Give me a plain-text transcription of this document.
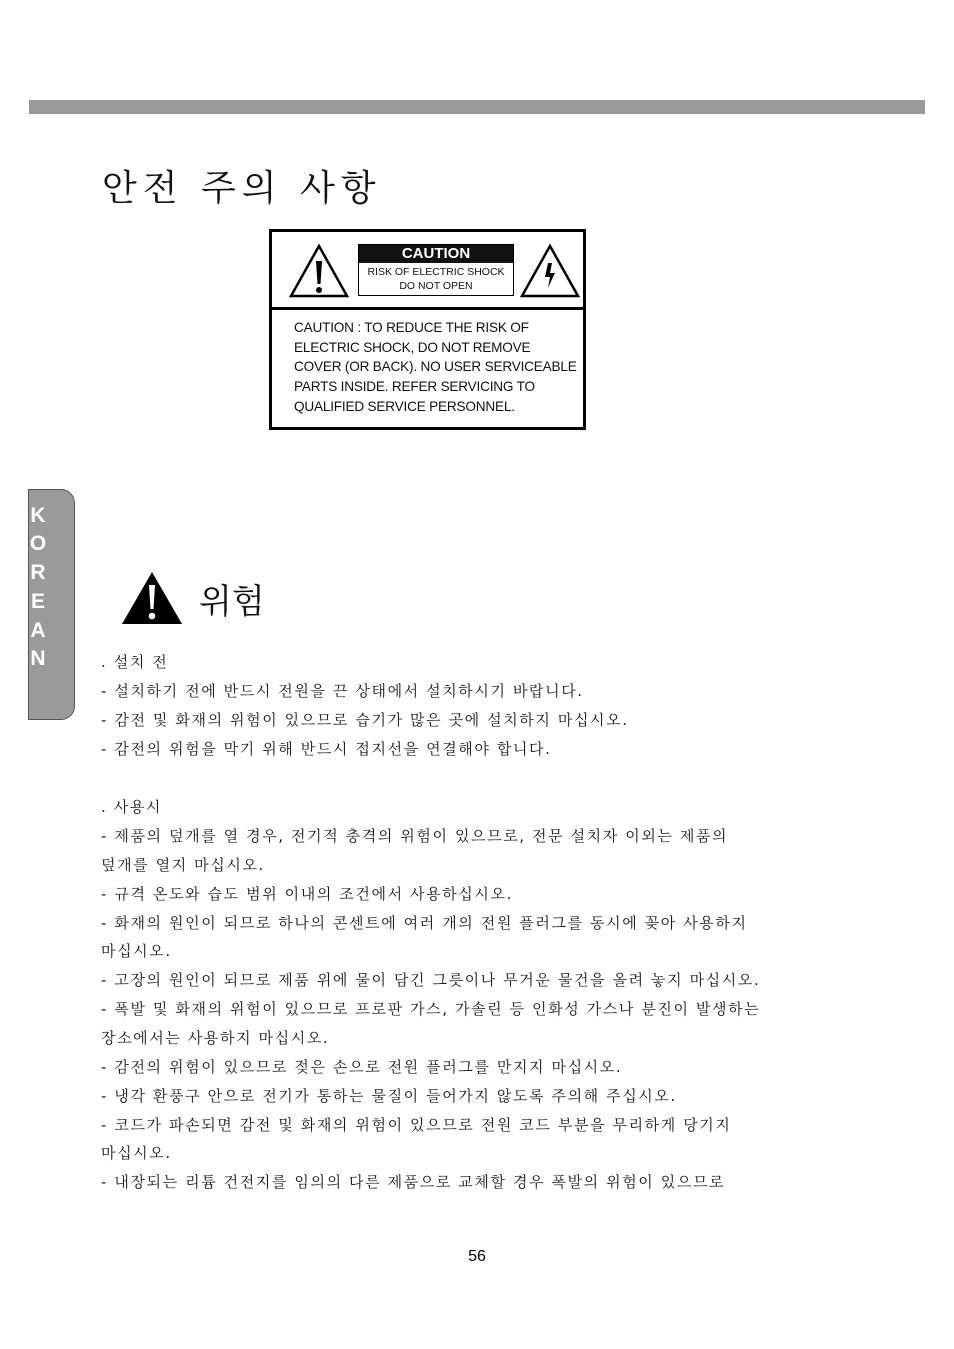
안전 주의 사항
CAUTION
RISK OF ELECTRIC SHOCK
DO NOT OPEN
CAUTION : TO REDUCE THE RISK OF
ELECTRIC SHOCK, DO NOT REMOVE
COVER (OR BACK). NO USER SERVICEABLE
PARTS INSIDE. REFER SERVICING TO
QUALIFIED SERVICE PERSONNEL.
K
O
R
E
A
N
위험
. 설치 전
- 설치하기 전에 반드시 전원을 끈 상태에서 설치하시기 바랍니다.
- 감전 및 화재의 위험이 있으므로 습기가 많은 곳에 설치하지 마십시오.
- 감전의 위험을 막기 위해 반드시 접지선을 연결해야 합니다.
. 사용시
- 제품의 덮개를 열 경우, 전기적 충격의 위험이 있으므로, 전문 설치자 이외는 제품의
덮개를 열지 마십시오.
- 규격 온도와 습도 범위 이내의 조건에서 사용하십시오.
- 화재의 원인이 되므로 하나의 콘센트에 여러 개의 전원 플러그를 동시에 꽂아 사용하지
마십시오.
- 고장의 원인이 되므로 제품 위에 물이 담긴 그릇이나 무거운 물건을 올려 놓지 마십시오.
- 폭발 및 화재의 위험이 있으므로 프로판 가스, 가솔린 등 인화성 가스나 분진이 발생하는
장소에서는 사용하지 마십시오.
- 감전의 위험이 있으므로 젖은 손으로 전원 플러그를 만지지 마십시오.
- 냉각 환풍구 안으로 전기가 통하는 물질이 들어가지 않도록 주의해 주십시오.
- 코드가 파손되면 감전 및 화재의 위험이 있으므로 전원 코드 부분을 무리하게 당기지
마십시오.
- 내장되는 리튬 건전지를 임의의 다른 제품으로 교체할 경우 폭발의 위험이 있으므로
56
